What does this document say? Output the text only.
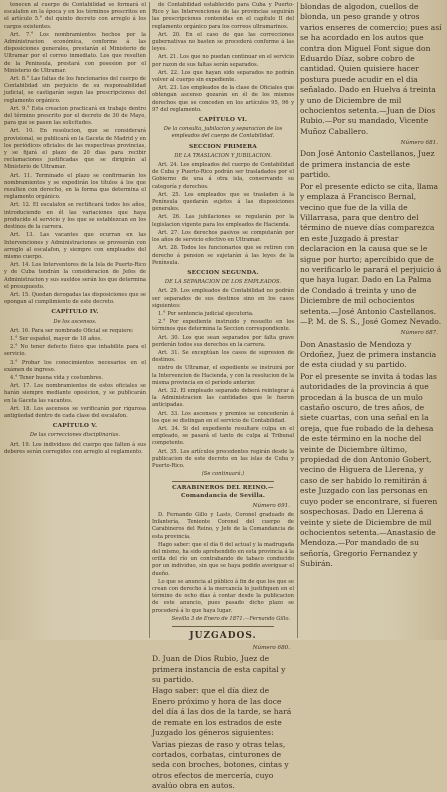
tenecen al cuerpo de Contabilidad se formará el escalafon en la época y en los términos prescritos en el artículo 5.° del quinto decreto con arreglo á los cargos existentes.

Art. 7.° Los nombramientos hechos por la Administracion económica, conforme á las disposiciones generales, prestarán el Ministerio de Ultramar por el correo inmediato. Los que resulten de la Peninsula, prestará con posesion por el Ministerio de Ultramar.

Art. 8.° Las faltas de los funcionarios del cuerpo de Contabilidad sin perjuicio de su responsabilidad judicial, se castigarán segun las prescripciones del reglamento orgánico.

Art. 9.° Esta creacion practicará en trabajo dentro del término prescrito por el decreto de 30 de Mayo, para que se pasen las solicitudes.

Art. 10. En resolucion, que se considerará provisional, se publicará en la Gaceta de Madrid y en los periódicos oficiales de las respectivas provincias, y se fijará el plazo de 20 dias para recibir reclamaciones justificadas que se dirigirán al Ministerio de Ultramar.

Art. 11. Terminado el plazo se confirmarán los nombramientos y se expedirán los títulos á los que resulten con derecho, en la forma que determina el reglamento orgánico.

Art. 12. El escalafon se rectificará todos los años, introduciendo en él las variaciones que haya producido el servicio y los que se establezcan en los destinos de la carrera.

Art. 13. Las vacantes que ocurran en las Intervenciones y Administraciones se proveerán con arreglo al escalafon, y siempre con empleados del mismo cuerpo.

Art. 14. Los Interventores de la Isla de Puerto-Rico y de Cuba tendrán la consideracion de Jefes de Administracion y sus sueldos serán los que determina el presupuesto.

Art. 15. Quedan derogadas las disposiciones que se opongan al cumplimiento de este decreto.

CAPÍTULO IV.
De los ascensos.

Art. 16. Para ser nombrado Oficial se requiere:

1.° Ser español, mayor de 18 años.

2.° No tener defecto físico que inhabilite para el servicio.

3.° Probar los conocimientos necesarios en el exámen de ingreso.

4.° Tener buena vida y costumbres.

Art. 17. Los nombramientos de estos oficiales se harán siempre mediante oposicion, y se publicarán en la Gaceta las vacantes.

Art. 18. Los ascensos se verificarán por rigurosa antigüedad dentro de cada clase del escalafon.

CAPÍTULO V.
De las correcciones disciplinarias.

Art. 19. Los individuos del cuerpo que falten á sus deberes serán corregidos con arreglo al reglamento.

de Contabilidad establecido para Cuba y Puerto-Rico y las Intervenciones de las provincias seguirán las prescripciones contenidas en el capítulo II del reglamento orgánico para los correos ultramarinos.

Art. 20. En el caso de que las correcciones gubernativas no basten se procederá conforme á las leyes.

Art. 21. Los que no puedan continuar en el servicio por razon de sus faltas serán separados.

Art. 22. Los que hayan sido separados no podrán volver al cuerpo sin expediente.

Art. 23. Los empleados de la clase de Oficiales que obtengan ascenso gozarán en él de los mismos derechos que se conceden en los artículos 95, 96 y 97 del reglamento.

CAPÍTULO VI.
De la consulta, jubilacion y separacion de los empleados del cuerpo de Contabilidad.
SECCION PRIMERA
DE LA TRASLACION Y JUBILACION.

Art. 24. Los empleados del cuerpo de Contabilidad de Cuba y Puerto-Rico podrán ser trasladados por el Gobierno de una á otra isla, conservando su categoría y derechos.

Art. 25. Los empleados que se trasladen á la Península quedarán sujetos á las disposiciones generales.

Art. 26. Las jubilaciones se regularán por la legislacion vigente para los empleados de Hacienda.

Art. 27. Los derechos pasivos se computarán por los años de servicio efectivo en Ultramar.

Art. 28. Todos los funcionarios que se retiren con derecho á pension se sujetarán á las leyes de la Península.

SECCION SEGUNDA.
DE LA SEPARACION DE LOS EMPLEADOS.

Art. 29. Los empleados de Contabilidad no podrán ser separados de sus destinos sino en los casos siguientes:

1.° Por sentencia judicial ejecutoria.

2.° Por expediente instruido y resuelto en los términos que determina la Seccion correspondiente.

Art. 30. Los que sean separados por falta grave perderán todos sus derechos en la carrera.

Art. 31. Se exceptúan los casos de supresion de destinos.

nistro de Ultramar, el expediente se instruirá por la Intervencion de Hacienda, y con la resolucion de la misma provincia en el período anterior.

Art. 32. El empleado separado deberá reintegrar á la Administracion las cantidades que le fueron anticipadas.

Art. 33. Los ascensos y premios se concederán á los que se distingan en el servicio de Contabilidad.

Art. 34. Si del expediente resultare culpa en el empleado, se pasará el tanto de culpa al Tribunal competente.

Art. 35. Los artículos precedentes regirán desde la publicacion de este decreto en las islas de Cuba y Puerto-Rico.

(Se continuará.)
CARABINEROS DEL REINO.—Comandancia de Sevilla.
Número 691.

D. Fernando Gillo y Lasts, Coronel graduado de Infantería, Teniente Coronel del cuerpo de Carabineros del Reino, y Jefe de la Comandancia de esta provincia.

Hago saber: que el día 6 del actual y la madrugada del mismo, ha sido aprehendido en esta provincia á la orilla del río un contrabando de tabaco conducido por un individuo, sin que se haya podido averiguar el dueño.

Lo que se anuncia al público á fin de que los que se crean con derecho á la mercancía lo justifiquen en el término de ocho días á contar desde la publicacion de este anuncio, pues pasado dicho plazo se procederá á lo que haya lugar.

Sevilla 3 de Enero de 1871.—Fernando Gillo.
JUZGADOS.
Número 680.

D. Juan de Dios Rubio, Juez de primera instancia de esta capital y su partido.

Hago saber: que el día diez de Enero próximo y hora de las doce del día á las dos de la tarde, se hará de remate en los estrados de este Juzgado los géneros siguientes:

Varias piezas de raso y otras telas, cortados, corbatas, cinturones de seda con broches, botones, cintas y otros efectos de mercería, cuyo avalúo obra en autos.

blondas de algodon, cuellos de blonda, un peso grande y otros varios enseres de comercio; pues así se ha acordado en los autos que contra don Miguel Font sigue don Eduardo Díaz, sobre cobro de cantidad. Quien quisiere hacer postura puede acudir en el dia señalado. Dado en Huelva á treinta y uno de Diciembre de mil ochocientos setenta.—Juan de Dios Rubio.—Por su mandado, Vicente Muñoz Caballero.

Número 681.

Don José Antonio Castellanos, Juez de primera instancia de este partido.

Por el presente edicto se cita, llama y emplaza á Francisco Bernal, vecino que fue de la villa de Villarrasa, para que dentro del término de nueve días comparezca en este Juzgado á prestar declaracion en la causa que se le sigue por hurto; apercibido que de no verificarlo le parará el perjuicio á que haya lugar. Dado en La Palma de Condado á treinta y uno de Diciembre de mil ochocientos setenta.—José Antonio Castellanos.—P. M. de S. S., José Gomez Nevado.

Número 687.

Don Anastasio de Mendoza y Ordoñez, Juez de primera instancia de esta ciudad y su partido.

Por el presente se invita á todas las autoridades de la provincia á que procedan á la busca de un mulo castaño oscuro, de tres años, de siete cuartas, con una señal en la oreja, que fue robado de la dehesa de este término en la noche del veinte de Diciembre último, propiedad de don Antonio Gobert, vecino de Higuera de Llerena, y caso de ser habido lo remitirán á este Juzgado con las personas en cuyo poder se encontrare, si fueren sospechosas. Dado en Llerena á veinte y siete de Diciembre de mil ochocientos setenta.—Anastasio de Mendoza.—Por mandado de su señoría, Gregorio Fernandez y Subirán.
